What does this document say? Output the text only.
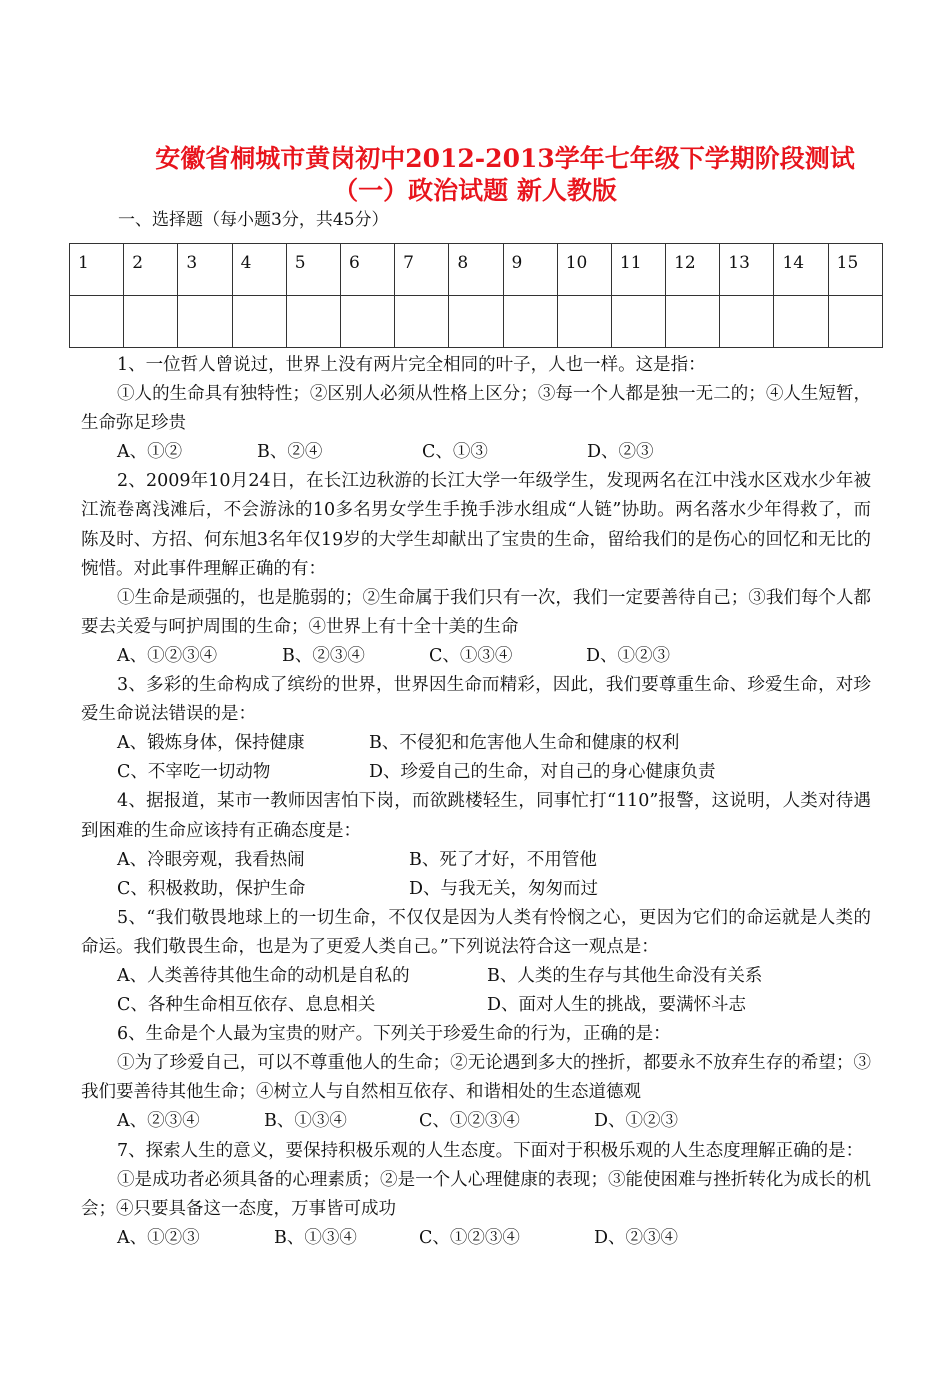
安徽省桐城市黄岗初中2012-2013学年七年级下学期阶段测试
（一）政治试题 新人教版
一、选择题（每小题3分，共45分）
1	2	3	4	5	6	7	8	9	10	11	12	13	14	15

1、一位哲人曾说过，世界上没有两片完全相同的叶子，人也一样。这是指：

①人的生命具有独特性；②区别人必须从性格上区分；③每一个人都是独一无二的；④人生短暂，生命弥足珍贵

A、①②	B、②④	C、①③	D、②③

2、2009年10月24日，在长江边秋游的长江大学一年级学生，发现两名在江中浅水区戏水少年被江流卷离浅滩后，不会游泳的10多名男女学生手挽手涉水组成“人链”协助。两名落水少年得救了，而陈及时、方招、何东旭3名年仅19岁的大学生却献出了宝贵的生命，留给我们的是伤心的回忆和无比的惋惜。对此事件理解正确的有：

①生命是顽强的，也是脆弱的；②生命属于我们只有一次，我们一定要善待自己；③我们每个人都要去关爱与呵护周围的生命；④世界上有十全十美的生命

A、①②③④	B、②③④	C、①③④	D、①②③

3、多彩的生命构成了缤纷的世界，世界因生命而精彩，因此，我们要尊重生命、珍爱生命，对珍爱生命说法错误的是：

A、锻炼身体，保持健康	B、不侵犯和危害他人生命和健康的权利

C、不宰吃一切动物	D、珍爱自己的生命，对自己的身心健康负责

4、据报道，某市一教师因害怕下岗，而欲跳楼轻生，同事忙打“110”报警，这说明，人类对待遇到困难的生命应该持有正确态度是：

A、冷眼旁观，我看热闹	B、死了才好，不用管他

C、积极救助，保护生命	D、与我无关，匆匆而过

5、“我们敬畏地球上的一切生命，不仅仅是因为人类有怜悯之心，更因为它们的命运就是人类的命运。我们敬畏生命，也是为了更爱人类自己。”下列说法符合这一观点是：

A、人类善待其他生命的动机是自私的	B、人类的生存与其他生命没有关系

C、各种生命相互依存、息息相关	D、面对人生的挑战，要满怀斗志

6、生命是个人最为宝贵的财产。下列关于珍爱生命的行为，正确的是：

①为了珍爱自己，可以不尊重他人的生命；②无论遇到多大的挫折，都要永不放弃生存的希望；③我们要善待其他生命；④树立人与自然相互依存、和谐相处的生态道德观

A、②③④	B、①③④	C、①②③④	D、①②③

7、探索人生的意义，要保持积极乐观的人生态度。下面对于积极乐观的人生态度理解正确的是：

①是成功者必须具备的心理素质；②是一个人心理健康的表现；③能使困难与挫折转化为成长的机会；④只要具备这一态度，万事皆可成功

A、①②③	B、①③④	C、①②③④	D、②③④
